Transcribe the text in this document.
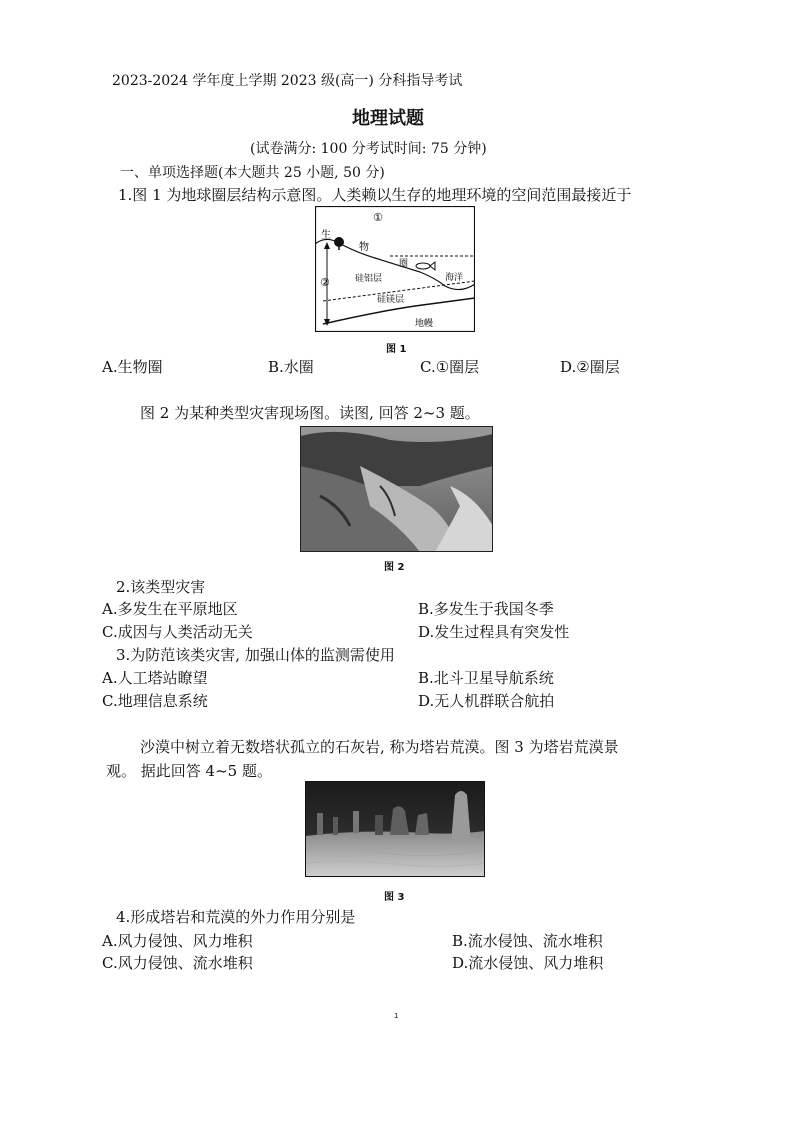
2023-2024 学年度上学期 2023 级(高一) 分科指导考试
地理试题
(试卷满分: 100 分考试时间: 75 分钟)
一、单项选择题(本大题共 25 小题, 50 分)
1.图 1 为地球圈层结构示意图。人类赖以生存的地理环境的空间范围最接近于
①
②
生
物
圈
硅铝层	海洋
硅镁层
地幔
图 1
A.生物圈	B.水圈	C.①圈层	D.②圈层
图 2 为某种类型灾害现场图。读图, 回答 2~3 题。
图 2
2.该类型灾害
A.多发生在平原地区	B.多发生于我国冬季
C.成因与人类活动无关	D.发生过程具有突发性
3.为防范该类灾害, 加强山体的监测需使用
A.人工塔站瞭望	B.北斗卫星导航系统
C.地理信息系统	D.无人机群联合航拍
沙漠中树立着无数塔状孤立的石灰岩, 称为塔岩荒漠。图 3 为塔岩荒漠景
观。 据此回答 4~5 题。
图 3
4.形成塔岩和荒漠的外力作用分别是
A.风力侵蚀、风力堆积	B.流水侵蚀、流水堆积
C.风力侵蚀、流水堆积	D.流水侵蚀、风力堆积
1
